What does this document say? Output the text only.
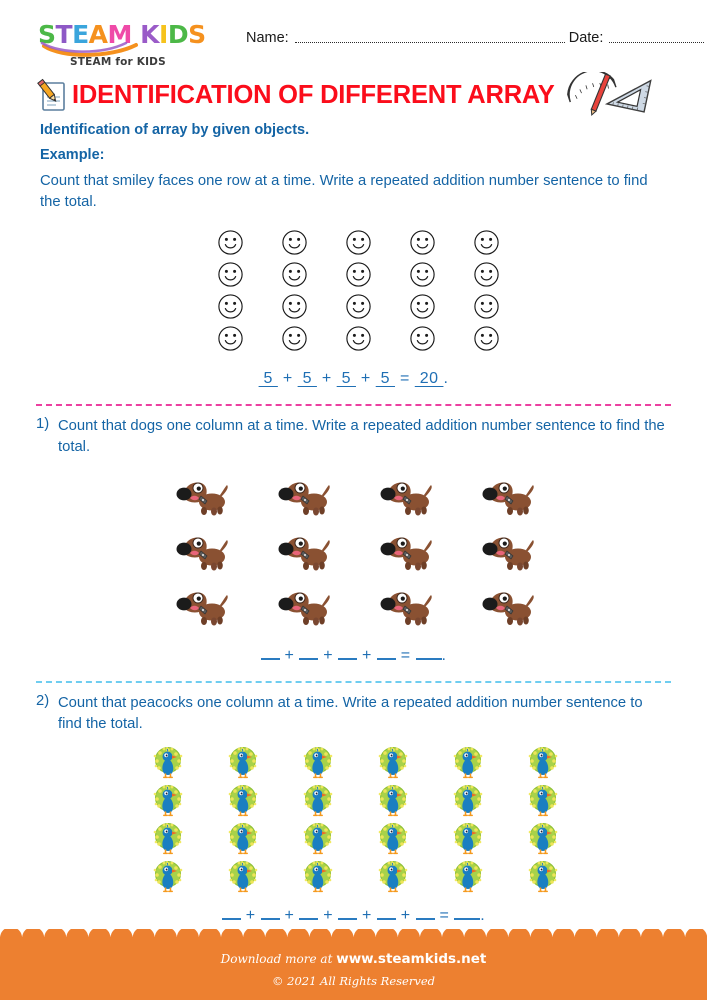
STEAM KIDS
STEAM for KIDS
Name:	Date:
IDENTIFICATION OF DIFFERENT ARRAY
Identification of array by given objects.
Example:
Count that smiley faces one row at a time. Write a repeated addition number sentence to find the total.
5  +  5  +  5  +  5  =  20 .
1) Count that dogs one column at a time. Write a repeated addition number sentence to find the total.
+ + + = .
2) Count that peacocks one column at a time. Write a repeated addition number sentence to find the total.
+ + + + + = .
Download more at www.steamkids.net
© 2021 All Rights Reserved
